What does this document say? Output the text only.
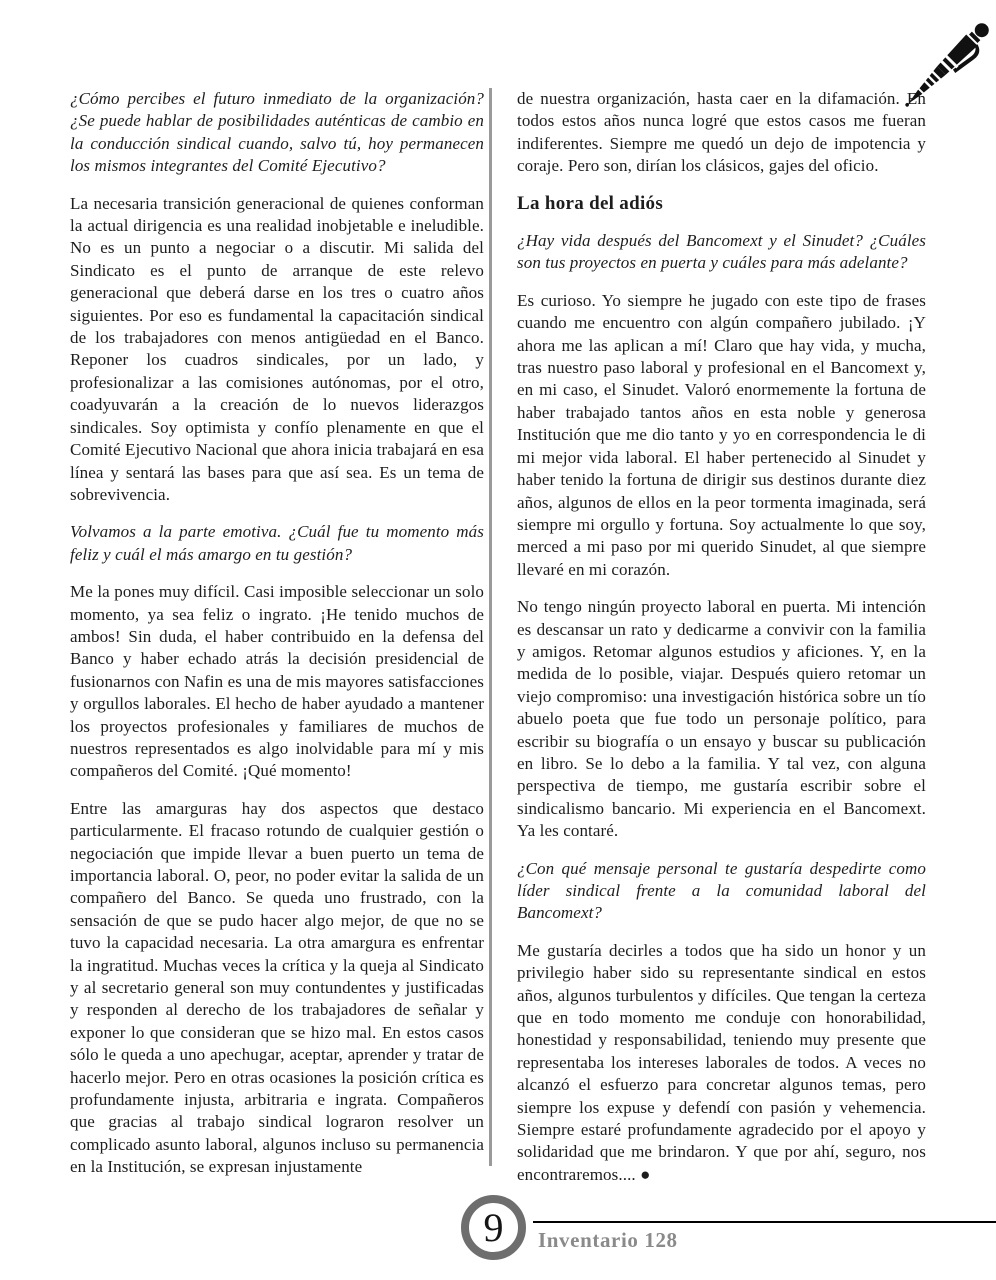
¿Cómo percibes el futuro inmediato de la organización? ¿Se puede hablar de posibilidades auténticas de cambio en la conducción sindical cuando, salvo tú, hoy permanecen los mismos integrantes del Comité Ejecutivo?

La necesaria transición generacional de quienes conforman la actual dirigencia es una realidad inobjetable e ineludible. No es un punto a negociar o a discutir. Mi salida del Sindicato es el punto de arranque de este relevo generacional que deberá darse en los tres o cuatro años siguientes. Por eso es fundamental la capacitación sindical de los trabajadores con menos antigüedad en el Banco. Reponer los cuadros sindicales, por un lado, y profesionalizar a las comisiones autónomas, por el otro, coadyuvarán a la creación de lo nuevos liderazgos sindicales. Soy optimista y confío plenamente en que el Comité Ejecutivo Nacional que ahora inicia trabajará en esa línea y sentará las bases para que así sea. Es un tema de sobrevivencia.

Volvamos a la parte emotiva. ¿Cuál fue tu momento más feliz y cuál el más amargo en tu gestión?

Me la pones muy difícil. Casi imposible seleccionar un solo momento, ya sea feliz o ingrato. ¡He tenido muchos de ambos! Sin duda, el haber contribuido en la defensa del Banco y haber echado atrás la decisión presidencial de fusionarnos con Nafin es una de mis mayores satisfacciones y orgullos laborales. El hecho de haber ayudado a mantener los proyectos profesionales y familiares de muchos de nuestros representados es algo inolvidable para mí y mis compañeros del Comité. ¡Qué momento!

Entre las amarguras hay dos aspectos que destaco particularmente. El fracaso rotundo de cualquier gestión o negociación que impide llevar a buen puerto un tema de importancia laboral. O, peor, no poder evitar la salida de un compañero del Banco. Se queda uno frustrado, con la sensación de que se pudo hacer algo mejor, de que no se tuvo la capacidad necesaria. La otra amargura es enfrentar la ingratitud. Muchas veces la crítica y la queja al Sindicato y al secretario general son muy contundentes y justificadas y responden al derecho de los trabajadores de señalar y exponer lo que consideran que se hizo mal. En estos casos sólo le queda a uno apechugar, aceptar, aprender y tratar de hacerlo mejor. Pero en otras ocasiones la posición crítica es profundamente injusta, arbitraria e ingrata. Compañeros que gracias al trabajo sindical lograron resolver un complicado asunto laboral, algunos incluso su permanencia en la Institución, se expresan injustamente

de nuestra organización, hasta caer en la difamación. En todos estos años nunca logré que estos casos me fueran indiferentes. Siempre me quedó un dejo de impotencia y coraje. Pero son, dirían los clásicos, gajes del oficio.

La hora del adiós

¿Hay vida después del Bancomext y el Sinudet? ¿Cuáles son tus proyectos en puerta y cuáles para más adelante?

Es curioso. Yo siempre he jugado con este tipo de frases cuando me encuentro con algún compañero jubilado. ¡Y ahora me las aplican a mí! Claro que hay vida, y mucha, tras nuestro paso laboral y profesional en el Bancomext y, en mi caso, el Sinudet. Valoró enormemente la fortuna de haber trabajado tantos años en esta noble y generosa Institución que me dio tanto y yo en correspondencia le di mi mejor vida laboral. El haber pertenecido al Sinudet y haber tenido la fortuna de dirigir sus destinos durante diez años, algunos de ellos en la peor tormenta imaginada, será siempre mi orgullo y fortuna. Soy actualmente lo que soy, merced a mi paso por mi querido Sinudet, al que siempre llevaré en mi corazón.

No tengo ningún proyecto laboral en puerta. Mi intención es descansar un rato y dedicarme a convivir con la familia y amigos. Retomar algunos estudios y aficiones. Y, en la medida de lo posible, viajar. Después quiero retomar un viejo compromiso: una investigación histórica sobre un tío abuelo poeta que fue todo un personaje político, para escribir su biografía o un ensayo y buscar su publicación en libro. Se lo debo a la familia. Y tal vez, con alguna perspectiva de tiempo, me gustaría escribir sobre el sindicalismo bancario. Mi experiencia en el Bancomext. Ya les contaré.

¿Con qué mensaje personal te gustaría despedirte como líder sindical frente a la comunidad laboral del Bancomext?

Me gustaría decirles a todos que ha sido un honor y un privilegio haber sido su representante sindical en estos años, algunos turbulentos y difíciles. Que tengan la certeza que en todo momento me conduje con honorabilidad, honestidad y responsabilidad, teniendo muy presente que representaba los intereses laborales de todos. A veces no alcanzó el esfuerzo para concretar algunos temas, pero siempre los expuse y defendí con pasión y vehemencia. Siempre estaré profundamente agradecido por el apoyo y solidaridad que me brindaron. Y que por ahí, seguro, nos encontraremos.... ●

9 Inventario 128
